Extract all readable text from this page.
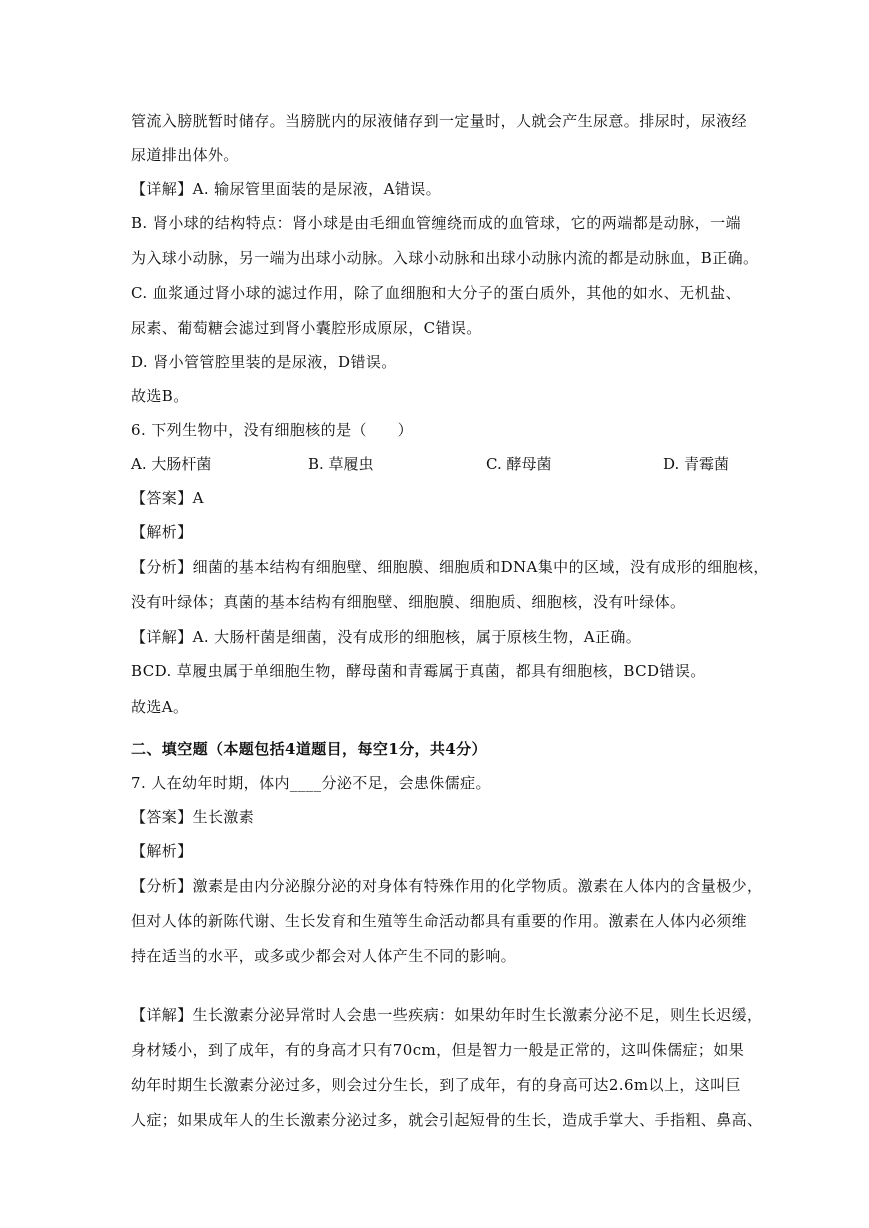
管流入膀胱暂时储存。当膀胱内的尿液储存到一定量时，人就会产生尿意。排尿时，尿液经
尿道排出体外。
【详解】A. 输尿管里面装的是尿液，A错误。
B. 肾小球的结构特点：肾小球是由毛细血管缠绕而成的血管球，它的两端都是动脉，一端
为入球小动脉，另一端为出球小动脉。入球小动脉和出球小动脉内流的都是动脉血，B正确。
C. 血浆通过肾小球的滤过作用，除了血细胞和大分子的蛋白质外，其他的如水、无机盐、
尿素、葡萄糖会滤过到肾小囊腔形成原尿，C错误。
D. 肾小管管腔里装的是尿液，D错误。
故选B。
6. 下列生物中，没有细胞核的是（　　）
A. 大肠杆菌	B. 草履虫	C. 酵母菌	D. 青霉菌
【答案】A
【解析】
【分析】细菌的基本结构有细胞壁、细胞膜、细胞质和DNA集中的区域，没有成形的细胞核，
没有叶绿体；真菌的基本结构有细胞壁、细胞膜、细胞质、细胞核，没有叶绿体。
【详解】A. 大肠杆菌是细菌，没有成形的细胞核，属于原核生物，A正确。
BCD. 草履虫属于单细胞生物，酵母菌和青霉属于真菌，都具有细胞核，BCD错误。
故选A。
二、填空题（本题包括4道题目，每空1分，共4分）
7. 人在幼年时期，体内____分泌不足，会患侏儒症。
【答案】生长激素
【解析】
【分析】激素是由内分泌腺分泌的对身体有特殊作用的化学物质。激素在人体内的含量极少，
但对人体的新陈代谢、生长发育和生殖等生命活动都具有重要的作用。激素在人体内必须维
持在适当的水平，或多或少都会对人体产生不同的影响。
【详解】生长激素分泌异常时人会患一些疾病：如果幼年时生长激素分泌不足，则生长迟缓，
身材矮小，到了成年，有的身高才只有70cm，但是智力一般是正常的，这叫侏儒症；如果
幼年时期生长激素分泌过多，则会过分生长，到了成年，有的身高可达2.6m以上，这叫巨
人症；如果成年人的生长激素分泌过多，就会引起短骨的生长，造成手掌大、手指粗、鼻高、
